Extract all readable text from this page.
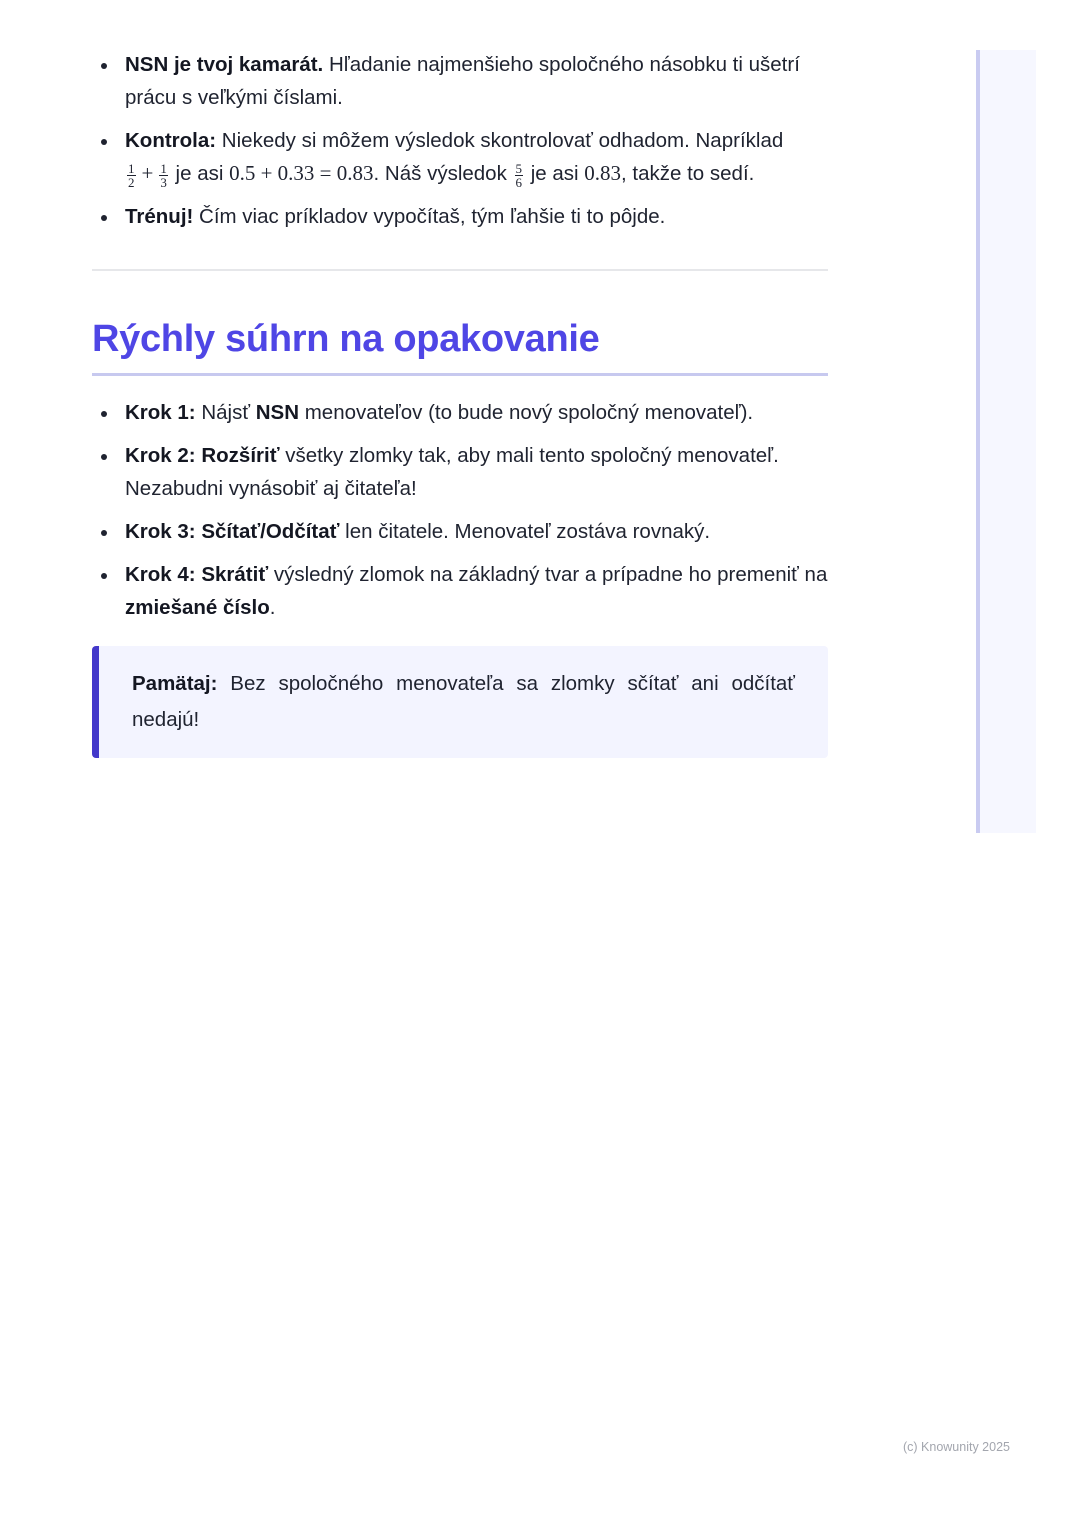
NSN je tvoj kamarát. Hľadanie najmenšieho spoločného násobku ti ušetrí prácu s veľkými číslami.
Kontrola: Niekedy si môžem výsledok skontrolovať odhadom. Napríklad

$\frac{1}{2} + \frac{1}{3}$ je asi 0.5 + 0.33 = 0.83. Náš výsledok $\frac{5}{6}$ je asi 0.83, takže to sedí.
Trénuj! Čím viac príkladov vypočítaš, tým ľahšie ti to pôjde.
Rýchly súhrn na opakovanie
Krok 1: Nájsť NSN menovateľov (to bude nový spoločný menovateľ).
Krok 2: Rozšíriť všetky zlomky tak, aby mali tento spoločný menovateľ. Nezabudni vynásobiť aj čitateľa!
Krok 3: Sčítať/Odčítať len čitatele. Menovateľ zostáva rovnaký.
Krok 4: Skrátiť výsledný zlomok na základný tvar a prípadne ho premeniť na zmiešané číslo.
Pamätaj: Bez spoločného menovateľa sa zlomky sčítať ani odčítať nedajú!
(c) Knowunity 2025
